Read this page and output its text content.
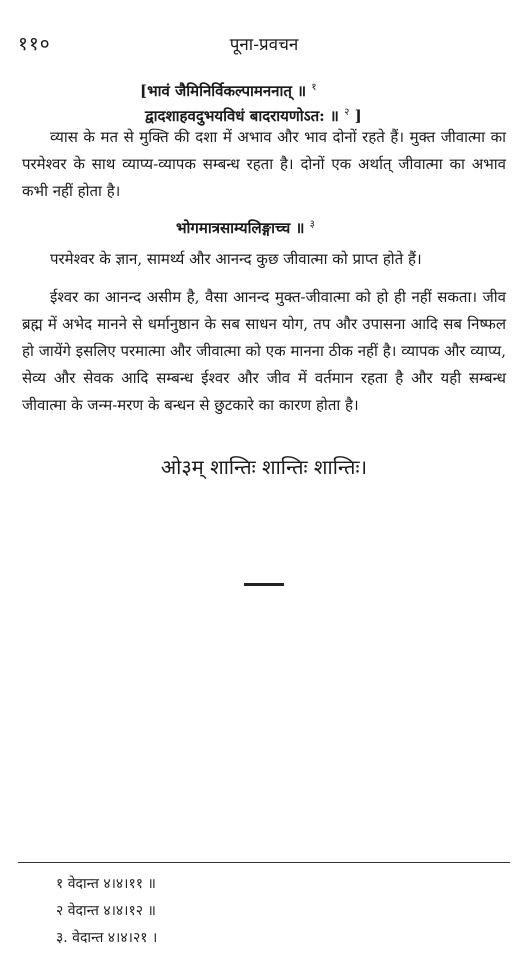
११०	पूना-प्रवचन
[भावं जैमिनिर्विकल्पामननात् ॥ $^१$
द्वादशाहवदुभयविधं बादरायणोऽत: ॥ $^२$ ]
व्यास के मत से मुक्ति की दशा में अभाव और भाव दोनों रहते हैं। मुक्त जीवात्मा का परमेश्वर के साथ व्याप्य-व्यापक सम्बन्ध रहता है। दोनों एक अर्थात् जीवात्मा का अभाव कभी नहीं होता है।
भोगमात्रसाम्यलिङ्गाच्च ॥ $^३$
परमेश्वर के ज्ञान, सामर्थ्य और आनन्द कुछ जीवात्मा को प्राप्त होते हैं।
ईश्वर का आनन्द असीम है, वैसा आनन्द मुक्त-जीवात्मा को हो ही नहीं सकता। जीव ब्रह्म में अभेद मानने से धर्मानुष्ठान के सब साधन योग, तप और उपासना आदि सब निष्फल हो जायेंगे इसलिए परमात्मा और जीवात्मा को एक मानना ठीक नहीं है। व्यापक और व्याप्य, सेव्य और सेवक आदि सम्बन्ध ईश्वर और जीव में वर्तमान रहता है और यही सम्बन्ध जीवात्मा के जन्म-मरण के बन्धन से छुटकारे का कारण होता है।
ओ३म् शान्तिः शान्तिः शान्तिः।
१ वेदान्त ४।४।११ ॥
२ वेदान्त ४।४।१२ ॥
३. वेदान्त ४।४।२१ ।
